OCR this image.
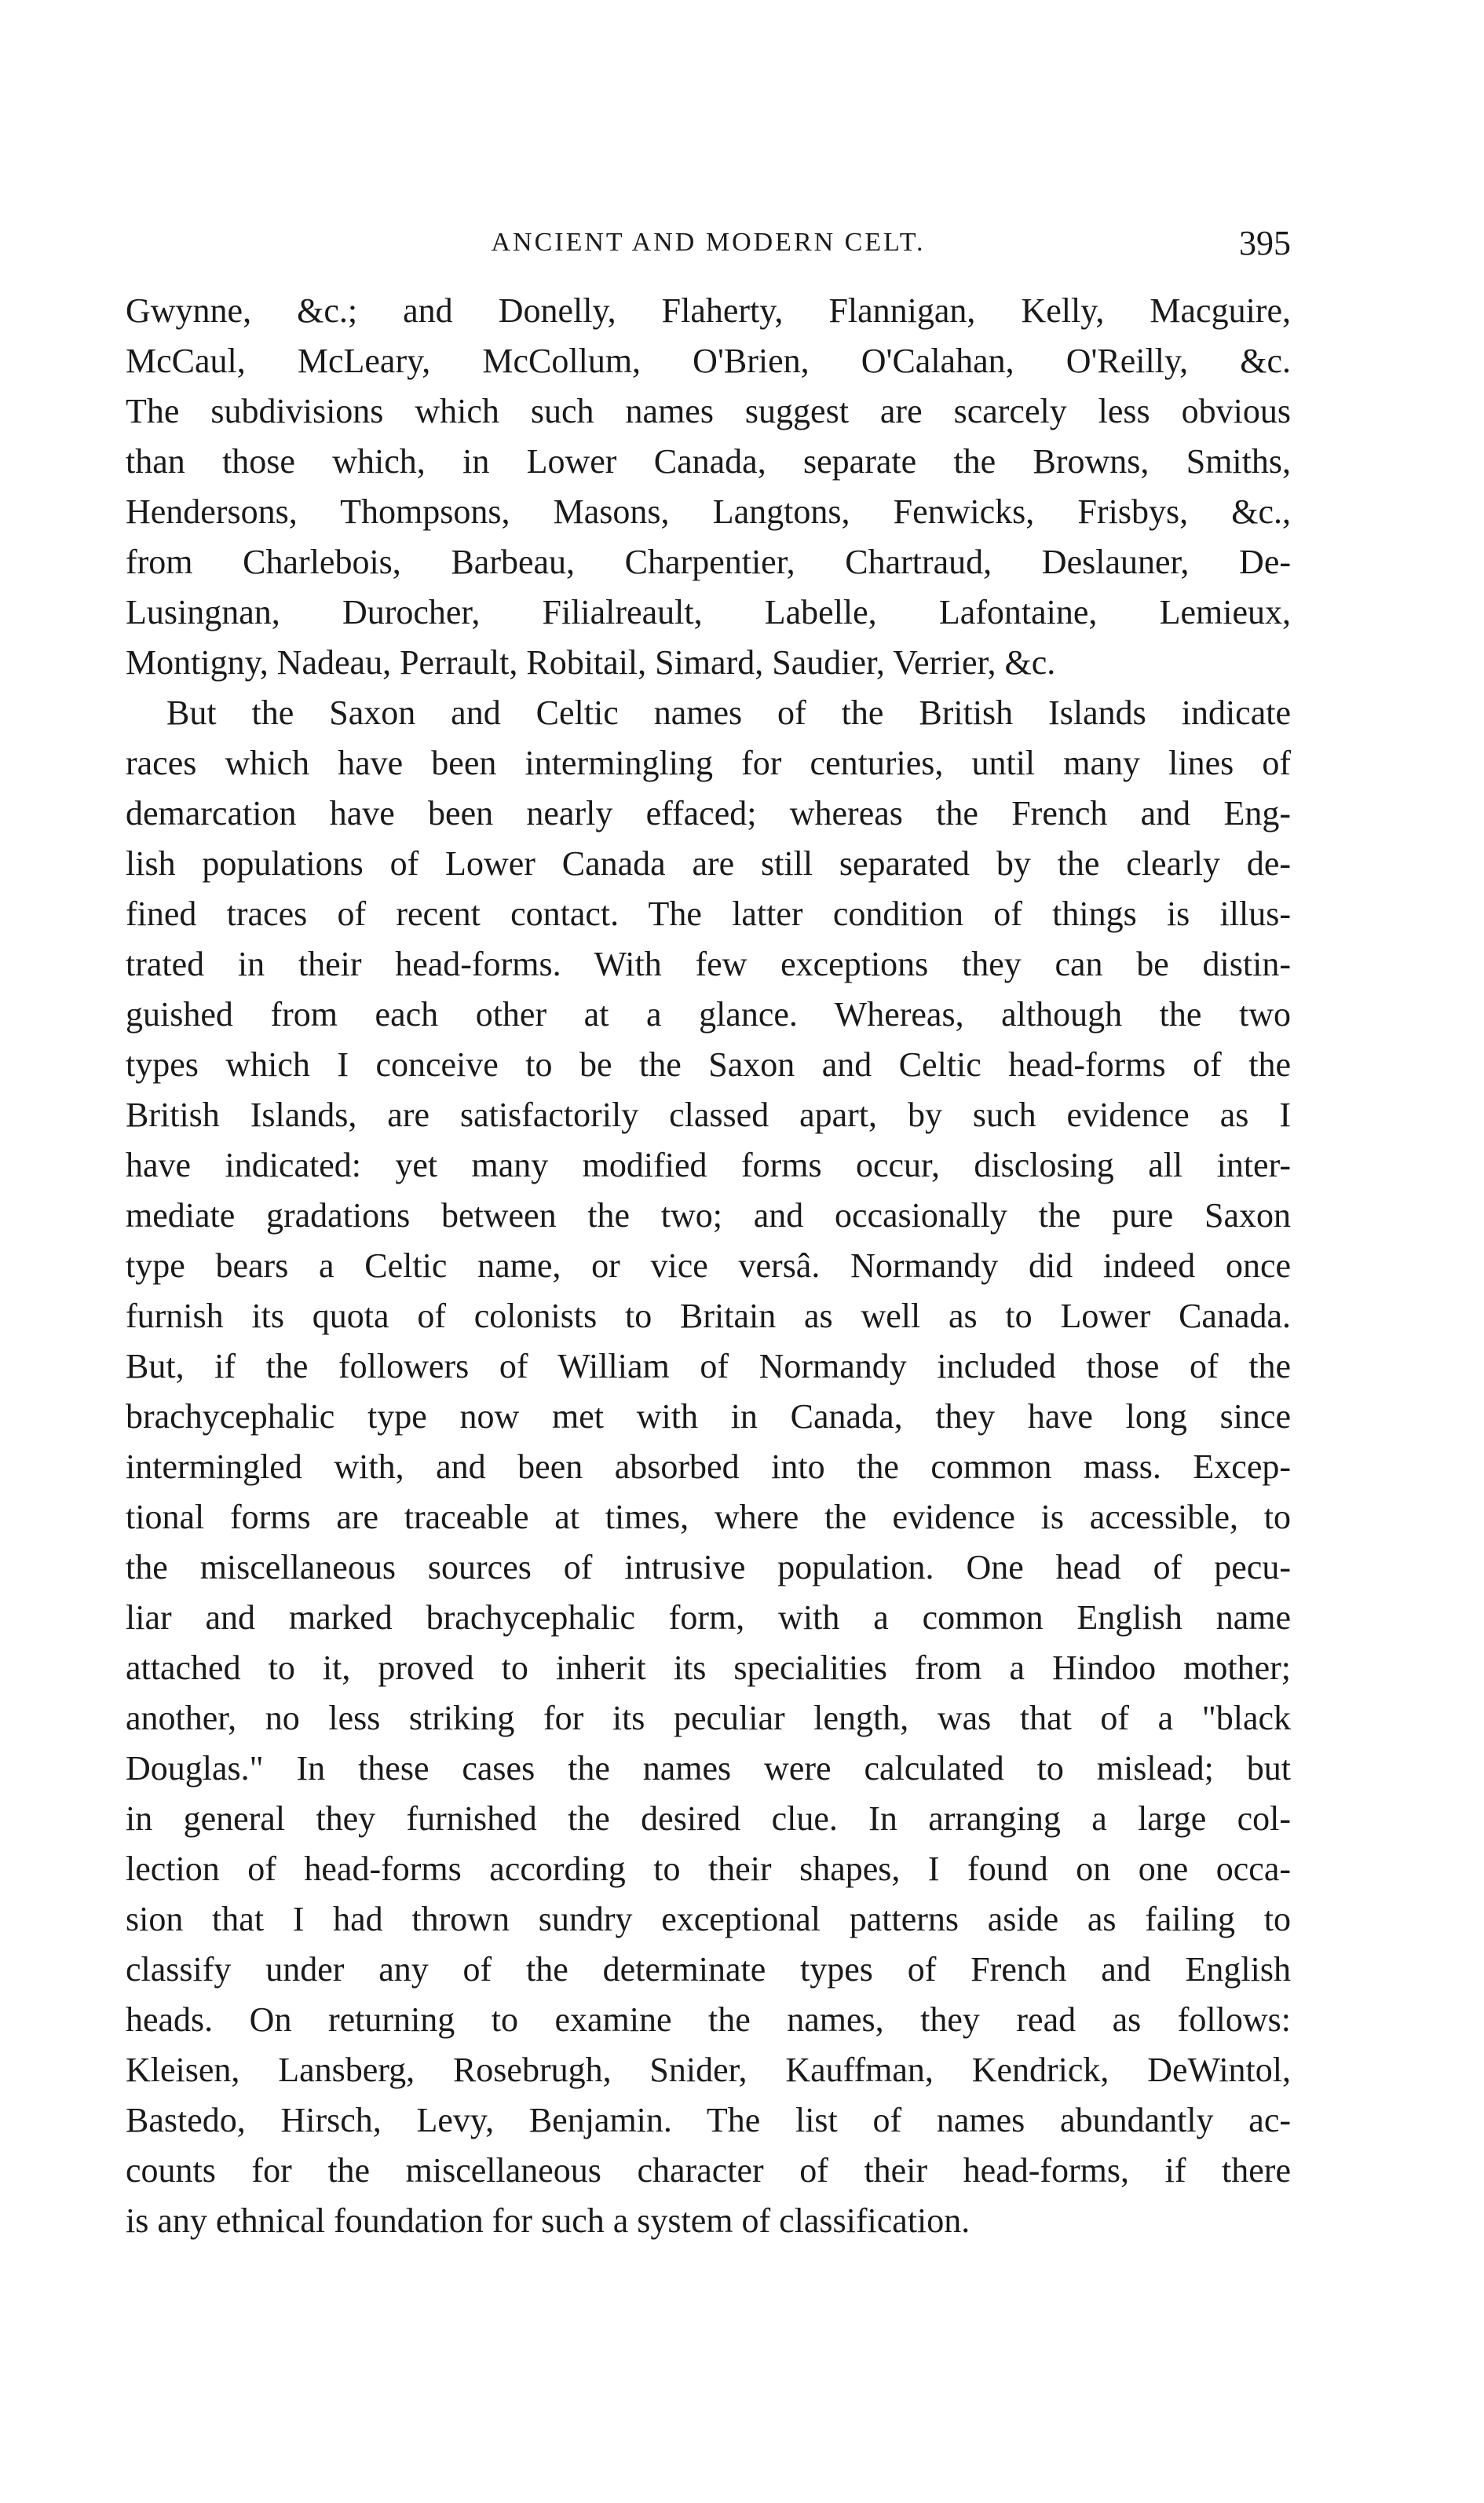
ANCIENT AND MODERN CELT.	395
Gwynne, &c.; and Donelly, Flaherty, Flannigan, Kelly, Macguire,
McCaul, McLeary, McCollum, O'Brien, O'Calahan, O'Reilly, &c.
The subdivisions which such names suggest are scarcely less obvious
than those which, in Lower Canada, separate the Browns, Smiths,
Hendersons, Thompsons, Masons, Langtons, Fenwicks, Frisbys, &c.,
from Charlebois, Barbeau, Charpentier, Chartraud, Deslauner, De-
Lusingnan, Durocher, Filialreault, Labelle, Lafontaine, Lemieux,
Montigny, Nadeau, Perrault, Robitail, Simard, Saudier, Verrier, &c.
But the Saxon and Celtic names of the British Islands indicate
races which have been intermingling for centuries, until many lines of
demarcation have been nearly effaced; whereas the French and Eng-
lish populations of Lower Canada are still separated by the clearly de-
fined traces of recent contact. The latter condition of things is illus-
trated in their head-forms. With few exceptions they can be distin-
guished from each other at a glance. Whereas, although the two
types which I conceive to be the Saxon and Celtic head-forms of the
British Islands, are satisfactorily classed apart, by such evidence as I
have indicated: yet many modified forms occur, disclosing all inter-
mediate gradations between the two; and occasionally the pure Saxon
type bears a Celtic name, or vice versâ. Normandy did indeed once
furnish its quota of colonists to Britain as well as to Lower Canada.
But, if the followers of William of Normandy included those of the
brachycephalic type now met with in Canada, they have long since
intermingled with, and been absorbed into the common mass. Excep-
tional forms are traceable at times, where the evidence is accessible, to
the miscellaneous sources of intrusive population. One head of pecu-
liar and marked brachycephalic form, with a common English name
attached to it, proved to inherit its specialities from a Hindoo mother;
another, no less striking for its peculiar length, was that of a "black
Douglas." In these cases the names were calculated to mislead; but
in general they furnished the desired clue. In arranging a large col-
lection of head-forms according to their shapes, I found on one occa-
sion that I had thrown sundry exceptional patterns aside as failing to
classify under any of the determinate types of French and English
heads. On returning to examine the names, they read as follows:
Kleisen, Lansberg, Rosebrugh, Snider, Kauffman, Kendrick, DeWintol,
Bastedo, Hirsch, Levy, Benjamin. The list of names abundantly ac-
counts for the miscellaneous character of their head-forms, if there
is any ethnical foundation for such a system of classification.
